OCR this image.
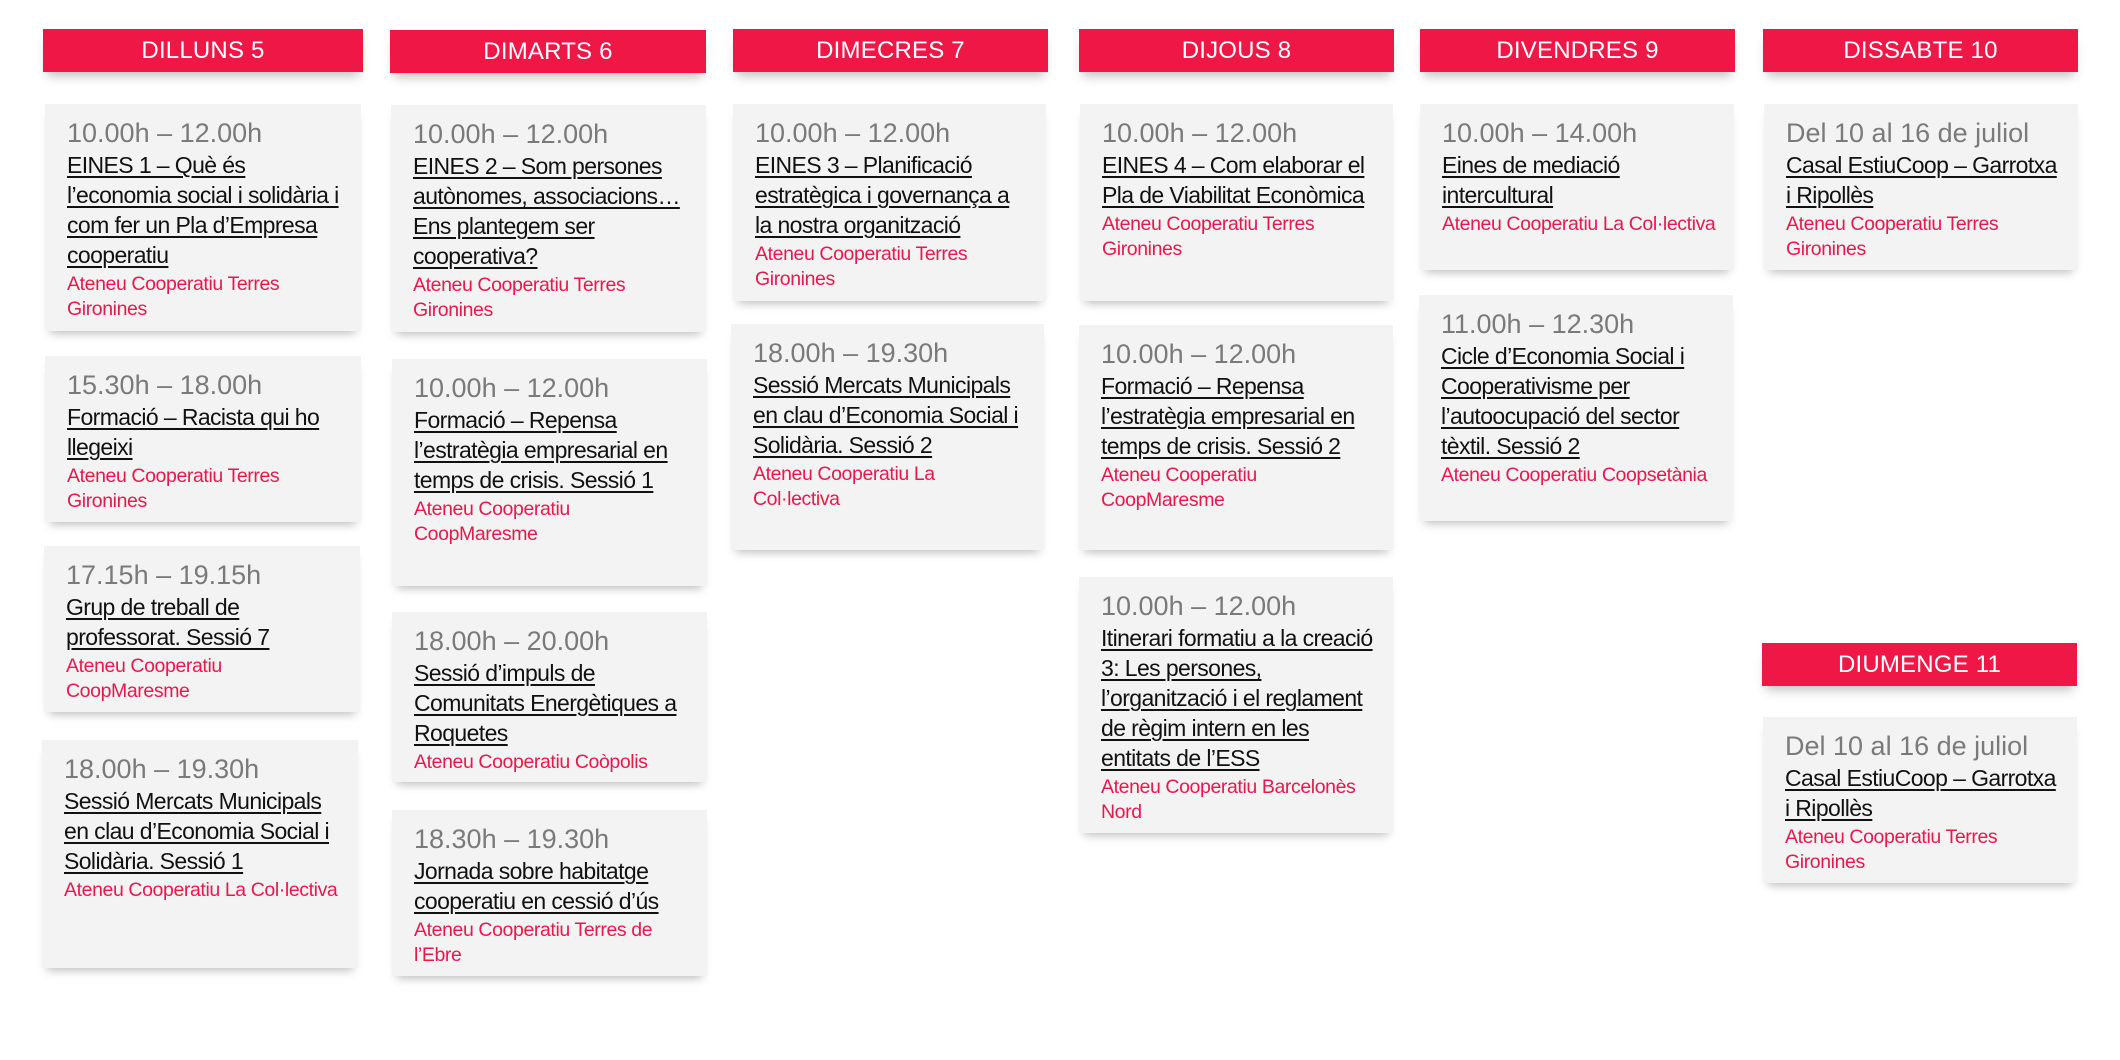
DILLUNS 5
10.00h – 12.00h
EINES 1 – Què és l’economia social i solidària i com fer un Pla d’Empresa cooperatiu
Ateneu Cooperatiu Terres Gironines
15.30h – 18.00h
Formació – Racista qui ho llegeixi
Ateneu Cooperatiu Terres Gironines
17.15h – 19.15h
Grup de treball de professorat. Sessió 7
Ateneu Cooperatiu CoopMaresme
18.00h – 19.30h
Sessió Mercats Municipals en clau d’Economia Social i Solidària. Sessió 1
Ateneu Cooperatiu La Col·lectiva
DIMARTS 6
10.00h – 12.00h
EINES 2 – Som persones autònomes, associacions… Ens plantegem ser cooperativa?
Ateneu Cooperatiu Terres Gironines
10.00h – 12.00h
Formació – Repensa l’estratègia empresarial en temps de crisis. Sessió 1
Ateneu Cooperatiu CoopMaresme
18.00h – 20.00h
Sessió d’impuls de Comunitats Energètiques a Roquetes
Ateneu Cooperatiu Coòpolis
18.30h – 19.30h
Jornada sobre habitatge cooperatiu en cessió d’ús
Ateneu Cooperatiu Terres de l’Ebre
DIMECRES 7
10.00h – 12.00h
EINES 3 – Planificació estratègica i governança a la nostra organització
Ateneu Cooperatiu Terres Gironines
18.00h – 19.30h
Sessió Mercats Municipals en clau d’Economia Social i Solidària. Sessió 2
Ateneu Cooperatiu La Col·lectiva
DIJOUS 8
10.00h – 12.00h
EINES 4 – Com elaborar el Pla de Viabilitat Econòmica
Ateneu Cooperatiu Terres Gironines
10.00h – 12.00h
Formació – Repensa l’estratègia empresarial en temps de crisis. Sessió 2
Ateneu Cooperatiu CoopMaresme
10.00h – 12.00h
Itinerari formatiu a la creació 3: Les persones, l’organització i el reglament de règim intern en les entitats de l’ESS
Ateneu Cooperatiu Barcelonès Nord
DIVENDRES 9
10.00h – 14.00h
Eines de mediació intercultural
Ateneu Cooperatiu La Col·lectiva
11.00h – 12.30h
Cicle d’Economia Social i Cooperativisme per l’autoocupació del sector tèxtil. Sessió 2
Ateneu Cooperatiu Coopsetània
DISSABTE 10
Del 10 al 16 de juliol
Casal EstiuCoop – Garrotxa i Ripollès
Ateneu Cooperatiu Terres Gironines
DIUMENGE 11
Del 10 al 16 de juliol
Casal EstiuCoop – Garrotxa i Ripollès
Ateneu Cooperatiu Terres Gironines
